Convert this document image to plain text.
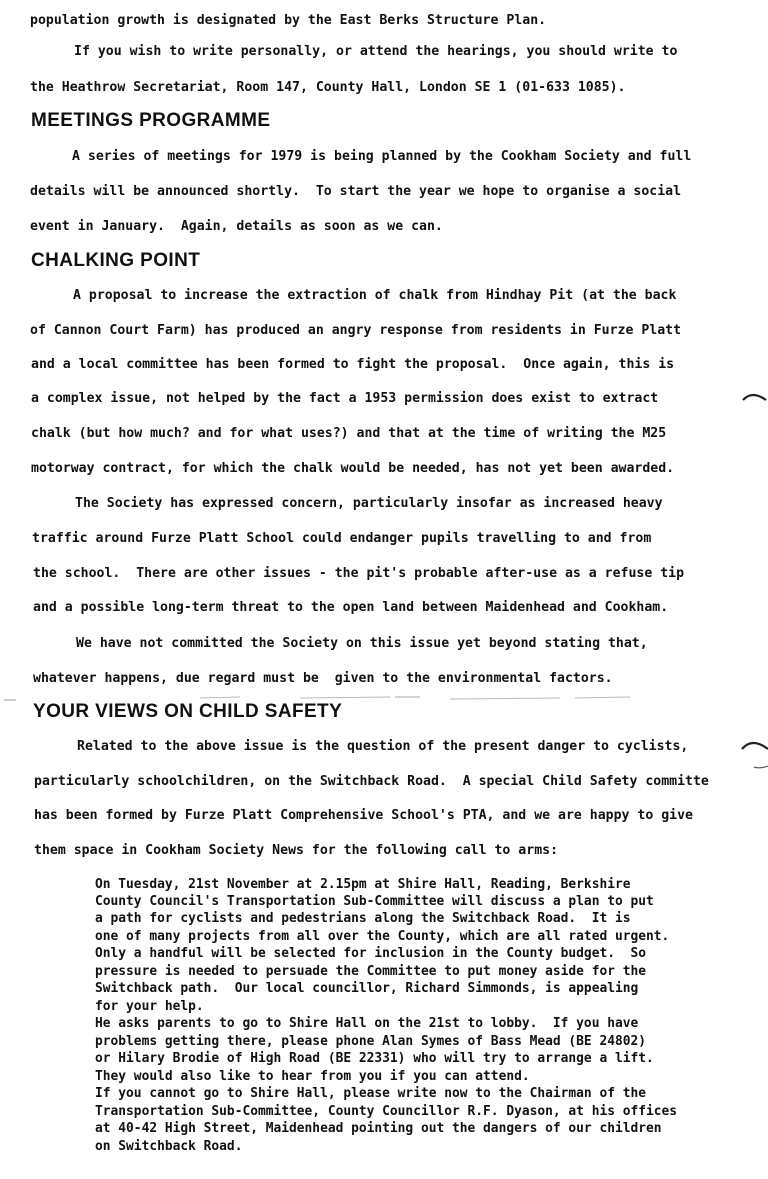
population growth is designated by the East Berks Structure Plan.
If you wish to write personally, or attend the hearings, you should write to
the Heathrow Secretariat, Room 147, County Hall, London SE 1 (01-633 1085).
MEETINGS PROGRAMME
A series of meetings for 1979 is being planned by the Cookham Society and full
details will be announced shortly.  To start the year we hope to organise a social
event in January.  Again, details as soon as we can.
CHALKING POINT
A proposal to increase the extraction of chalk from Hindhay Pit (at the back
of Cannon Court Farm) has produced an angry response from residents in Furze Platt
and a local committee has been formed to fight the proposal.  Once again, this is
a complex issue, not helped by the fact a 1953 permission does exist to extract
chalk (but how much? and for what uses?) and that at the time of writing the M25
motorway contract, for which the chalk would be needed, has not yet been awarded.
The Society has expressed concern, particularly insofar as increased heavy
traffic around Furze Platt School could endanger pupils travelling to and from
the school.  There are other issues - the pit's probable after-use as a refuse tip
and a possible long-term threat to the open land between Maidenhead and Cookham.
We have not committed the Society on this issue yet beyond stating that,
whatever happens, due regard must be  given to the environmental factors.
YOUR VIEWS ON CHILD SAFETY
Related to the above issue is the question of the present danger to cyclists,
particularly schoolchildren, on the Switchback Road.  A special Child Safety committe
has been formed by Furze Platt Comprehensive School's PTA, and we are happy to give
them space in Cookham Society News for the following call to arms:
On Tuesday, 21st November at 2.15pm at Shire Hall, Reading, Berkshire
County Council's Transportation Sub-Committee will discuss a plan to put
a path for cyclists and pedestrians along the Switchback Road.  It is
one of many projects from all over the County, which are all rated urgent.
Only a handful will be selected for inclusion in the County budget.  So
pressure is needed to persuade the Committee to put money aside for the
Switchback path.  Our local councillor, Richard Simmonds, is appealing
for your help.
He asks parents to go to Shire Hall on the 21st to lobby.  If you have
problems getting there, please phone Alan Symes of Bass Mead (BE 24802)
or Hilary Brodie of High Road (BE 22331) who will try to arrange a lift.
They would also like to hear from you if you can attend.
If you cannot go to Shire Hall, please write now to the Chairman of the
Transportation Sub-Committee, County Councillor R.F. Dyason, at his offices
at 40-42 High Street, Maidenhead pointing out the dangers of our children
on Switchback Road.
